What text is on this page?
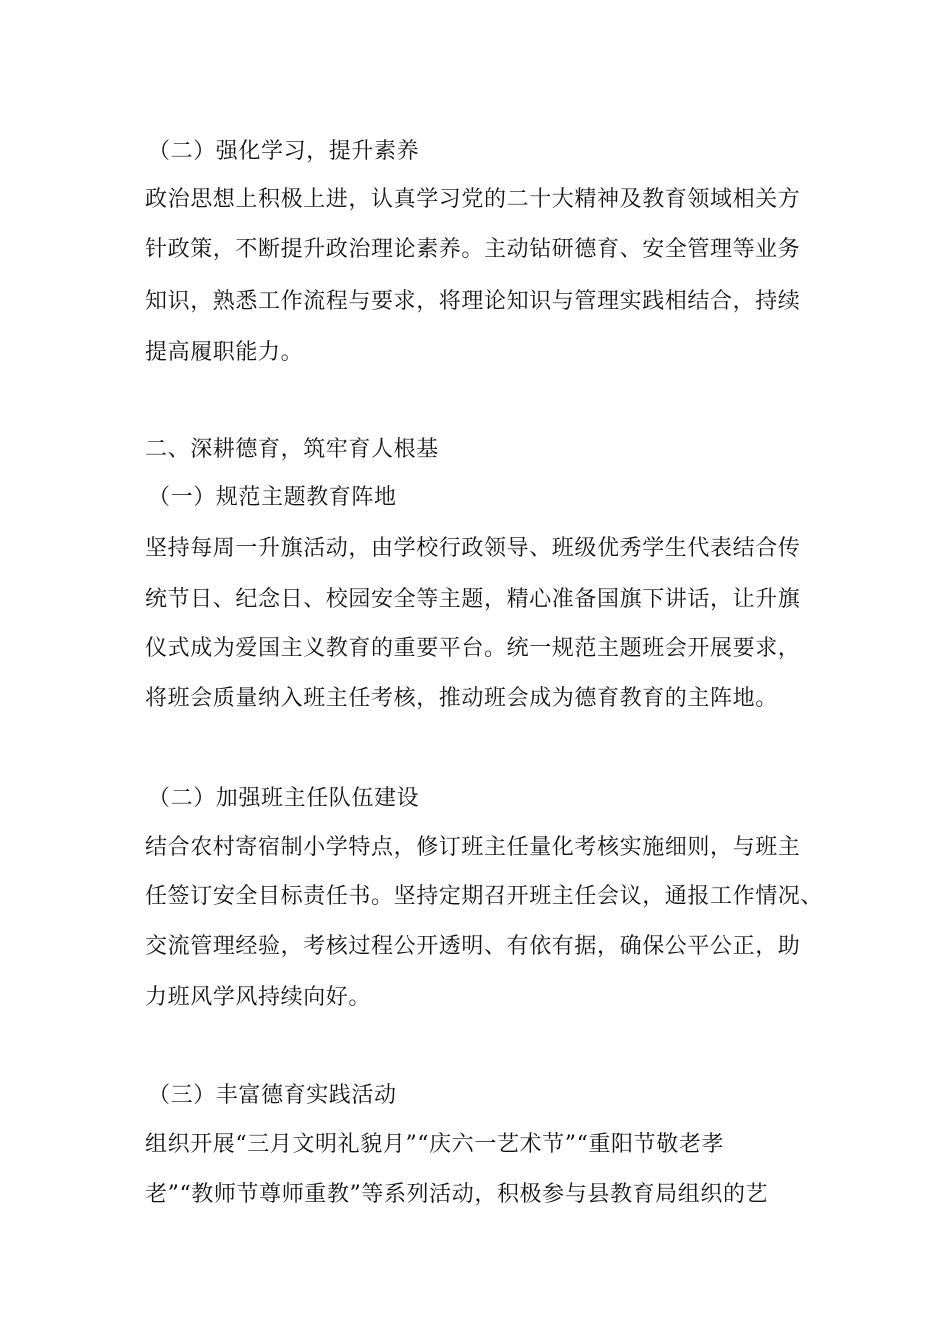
（二）强化学习，提升素养
政治思想上积极上进，认真学习党的二十大精神及教育领域相关方
针政策，不断提升政治理论素养。主动钻研德育、安全管理等业务
知识，熟悉工作流程与要求，将理论知识与管理实践相结合，持续
提高履职能力。
二、深耕德育，筑牢育人根基
（一）规范主题教育阵地
坚持每周一升旗活动，由学校行政领导、班级优秀学生代表结合传
统节日、纪念日、校园安全等主题，精心准备国旗下讲话，让升旗
仪式成为爱国主义教育的重要平台。统一规范主题班会开展要求，
将班会质量纳入班主任考核，推动班会成为德育教育的主阵地。
（二）加强班主任队伍建设
结合农村寄宿制小学特点，修订班主任量化考核实施细则，与班主
任签订安全目标责任书。坚持定期召开班主任会议，通报工作情况、
交流管理经验，考核过程公开透明、有依有据，确保公平公正，助
力班风学风持续向好。
（三）丰富德育实践活动
组织开展“三月文明礼貌月”“庆六一艺术节”“重阳节敬老孝
老”“教师节尊师重教”等系列活动，积极参与县教育局组织的艺
